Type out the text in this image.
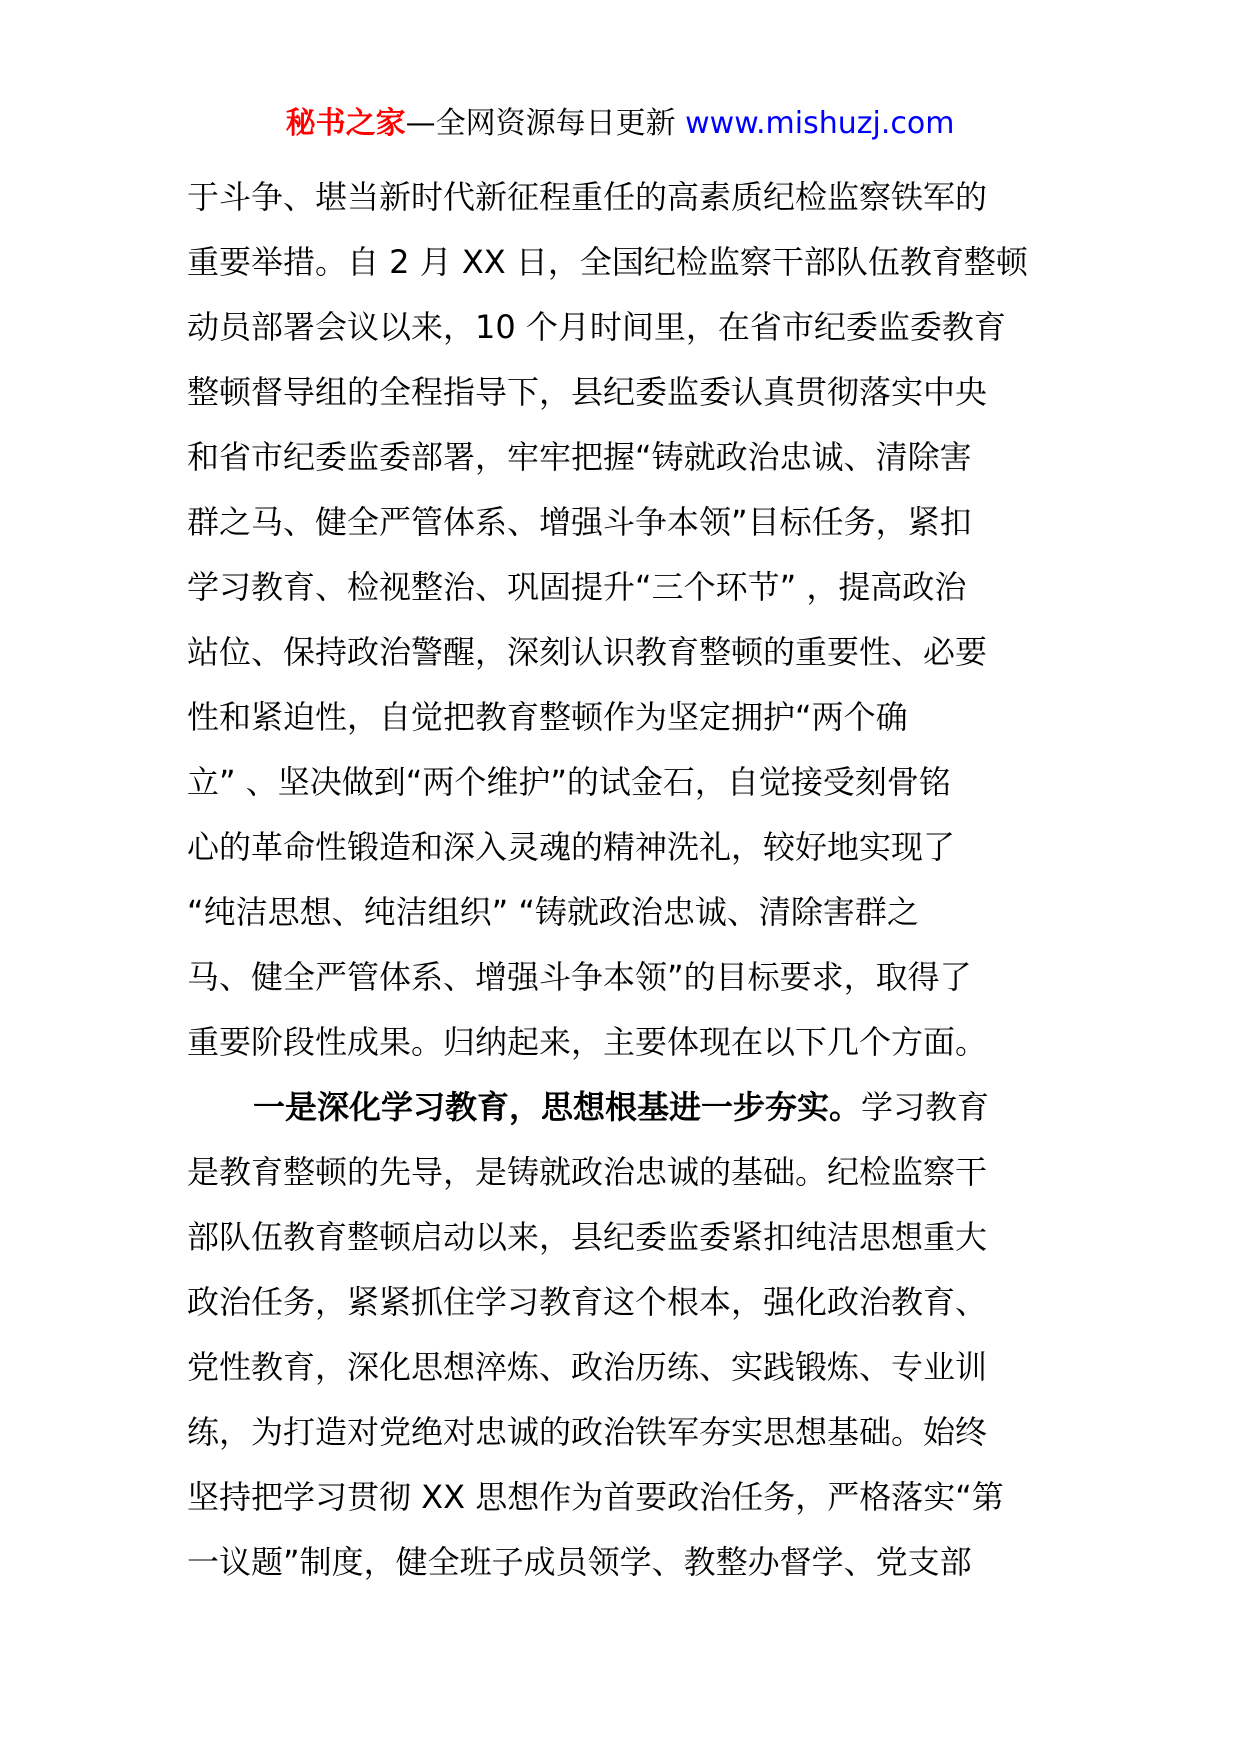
秘书之家—全网资源每日更新 www.mishuzj.com
于斗争、堪当新时代新征程重任的高素质纪检监察铁军的
重要举措。自 2 月 XX 日，全国纪检监察干部队伍教育整顿
动员部署会议以来，10 个月时间里，在省市纪委监委教育
整顿督导组的全程指导下，县纪委监委认真贯彻落实中央
和省市纪委监委部署，牢牢把握“铸就政治忠诚、清除害
群之马、健全严管体系、增强斗争本领”目标任务，紧扣
学习教育、检视整治、巩固提升“三个环节” ，提高政治
站位、保持政治警醒，深刻认识教育整顿的重要性、必要
性和紧迫性，自觉把教育整顿作为坚定拥护“两个确
立” 、坚决做到“两个维护”的试金石，自觉接受刻骨铭
心的革命性锻造和深入灵魂的精神洗礼，较好地实现了
“纯洁思想、纯洁组织” “铸就政治忠诚、清除害群之
马、健全严管体系、增强斗争本领”的目标要求，取得了
重要阶段性成果。归纳起来，主要体现在以下几个方面。
一是深化学习教育，思想根基进一步夯实。学习教育
是教育整顿的先导，是铸就政治忠诚的基础。纪检监察干
部队伍教育整顿启动以来，县纪委监委紧扣纯洁思想重大
政治任务，紧紧抓住学习教育这个根本，强化政治教育、
党性教育，深化思想淬炼、政治历练、实践锻炼、专业训
练，为打造对党绝对忠诚的政治铁军夯实思想基础。始终
坚持把学习贯彻 XX 思想作为首要政治任务，严格落实“第
一议题”制度，健全班子成员领学、教整办督学、党支部
